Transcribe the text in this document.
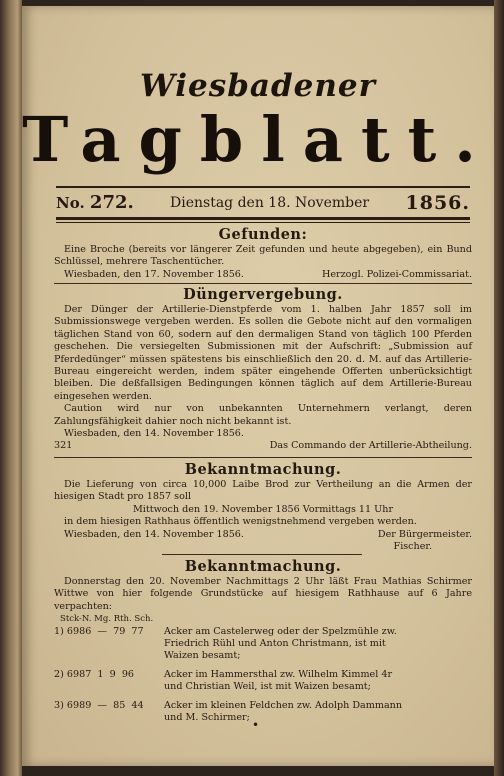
Wiesbadener
Tagblatt.
No. 272.	Dienstag den 18. November 1856.
Gefunden:
Eine Broche (bereits vor längerer Zeit gefunden und heute abgegeben), ein Bund Schlüssel, mehrere Taschentücher.
Wiesbaden, den 17. November 1856.	Herzogl. Polizei-Commissariat.
Düngervergebung.
Der Dünger der Artillerie-Dienstpferde vom 1. halben Jahr 1857 soll im Submissionswege vergeben werden. Es sollen die Gebote nicht auf den vormaligen täglichen Stand von 60, sodern auf den dermaligen Stand von täglich 100 Pferden geschehen. Die versiegelten Submissionen mit der Aufschrift: „Submission auf Pferdedünger“ müssen spätestens bis einschließlich den 20. d. M. auf das Artillerie-Bureau eingereicht werden, indem später eingehende Offerten unberücksichtigt bleiben. Die deßfallsigen Bedingungen können täglich auf dem Artillerie-Bureau eingesehen werden.
Caution wird nur von unbekannten Unternehmern verlangt, deren Zahlungsfähigkeit dahier noch nicht bekannt ist.
Wiesbaden, den 14. November 1856.
321	Das Commando der Artillerie-Abtheilung.
Bekanntmachung.
Die Lieferung von circa 10,000 Laibe Brod zur Vertheilung an die Armen der hiesigen Stadt pro 1857 soll
Mittwoch den 19. November 1856 Vormittags 11 Uhr
in dem hiesigen Rathhaus öffentlich wenigstnehmend vergeben werden.
Wiesbaden, den 14. November 1856.	Der Bürgermeister.
Fischer.
Bekanntmachung.
Donnerstag den 20. November Nachmittags 2 Uhr läßt Frau Mathias Schirmer Wittwe von hier folgende Grundstücke auf hiesigem Rathhause auf 6 Jahre verpachten:
Stck-N. Mg. Rth. Sch.
1) 6986  —  79  77	Acker am Castelerweg oder der Spelzmühle zw.
Friedrich Rühl und Anton Christmann, ist mit
Waizen besamt;
2) 6987  1  9  96	Acker im Hammersthal zw. Wilhelm Kimmel 4r
und Christian Weil, ist mit Waizen besamt;
3) 6989  —  85  44	Acker im kleinen Feldchen zw. Adolph Dammann
und M. Schirmer;
•
